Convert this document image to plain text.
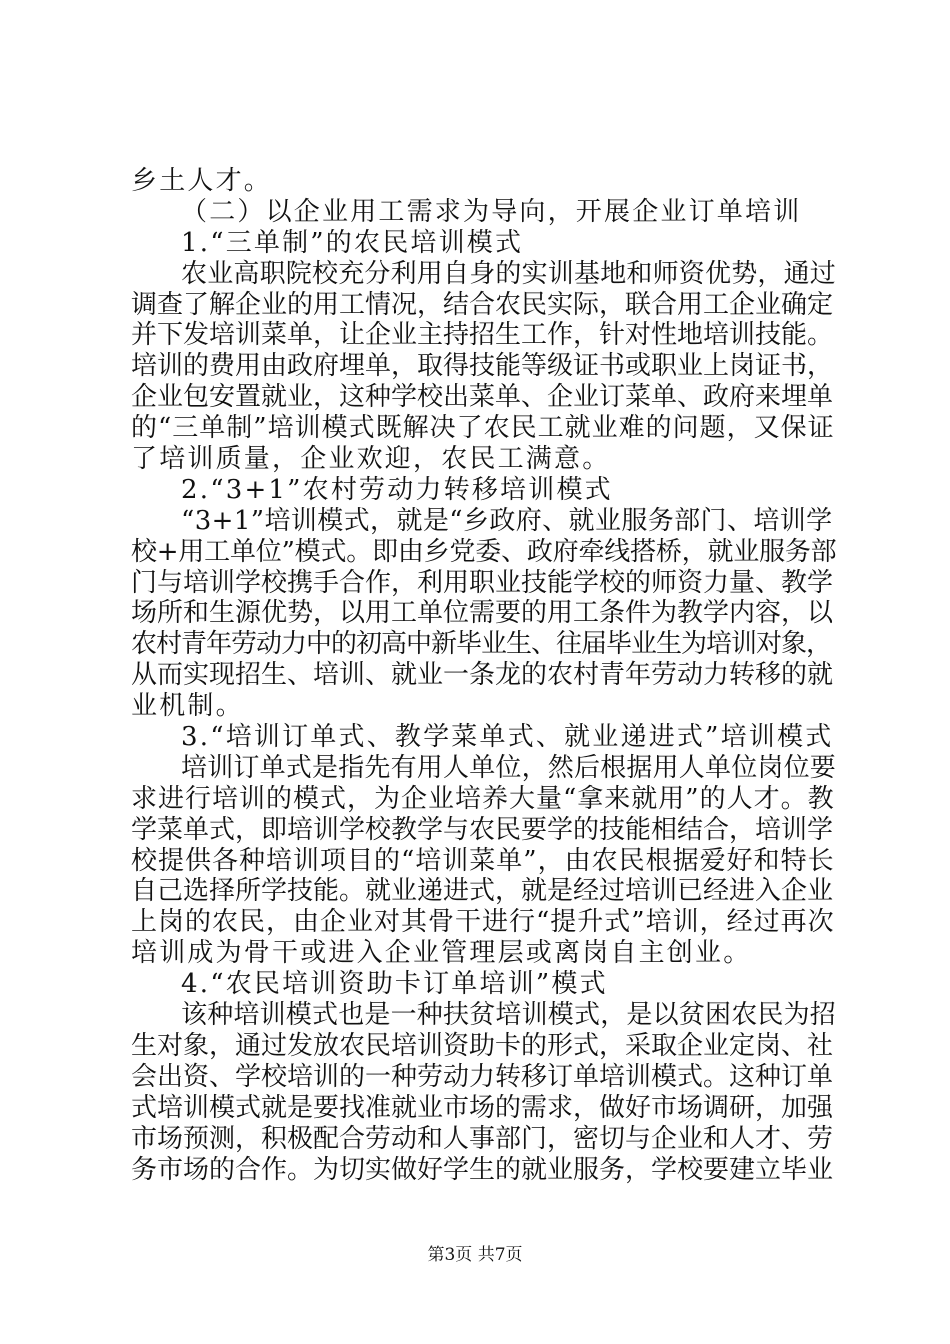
乡土人才。
（二）以企业用工需求为导向，开展企业订单培训
1.“三单制”的农民培训模式
农业高职院校充分利用自身的实训基地和师资优势，通过
调查了解企业的用工情况，结合农民实际，联合用工企业确定
并下发培训菜单，让企业主持招生工作，针对性地培训技能。
培训的费用由政府埋单，取得技能等级证书或职业上岗证书，
企业包安置就业，这种学校出菜单、企业订菜单、政府来埋单
的“三单制”培训模式既解决了农民工就业难的问题，又保证
了培训质量，企业欢迎，农民工满意。
2.“3+1”农村劳动力转移培训模式
“3+1”培训模式，就是“乡政府、就业服务部门、培训学
校+用工单位”模式。即由乡党委、政府牵线搭桥，就业服务部
门与培训学校携手合作，利用职业技能学校的师资力量、教学
场所和生源优势，以用工单位需要的用工条件为教学内容，以
农村青年劳动力中的初高中新毕业生、往届毕业生为培训对象，
从而实现招生、培训、就业一条龙的农村青年劳动力转移的就
业机制。
3.“培训订单式、教学菜单式、就业递进式”培训模式
培训订单式是指先有用人单位，然后根据用人单位岗位要
求进行培训的模式，为企业培养大量“拿来就用”的人才。教
学菜单式，即培训学校教学与农民要学的技能相结合，培训学
校提供各种培训项目的“培训菜单”，由农民根据爱好和特长
自己选择所学技能。就业递进式，就是经过培训已经进入企业
上岗的农民，由企业对其骨干进行“提升式”培训，经过再次
培训成为骨干或进入企业管理层或离岗自主创业。
4.“农民培训资助卡订单培训”模式
该种培训模式也是一种扶贫培训模式，是以贫困农民为招
生对象，通过发放农民培训资助卡的形式，采取企业定岗、社
会出资、学校培训的一种劳动力转移订单培训模式。这种订单
式培训模式就是要找准就业市场的需求，做好市场调研，加强
市场预测，积极配合劳动和人事部门，密切与企业和人才、劳
务市场的合作。为切实做好学生的就业服务，学校要建立毕业
第3页 共7页
